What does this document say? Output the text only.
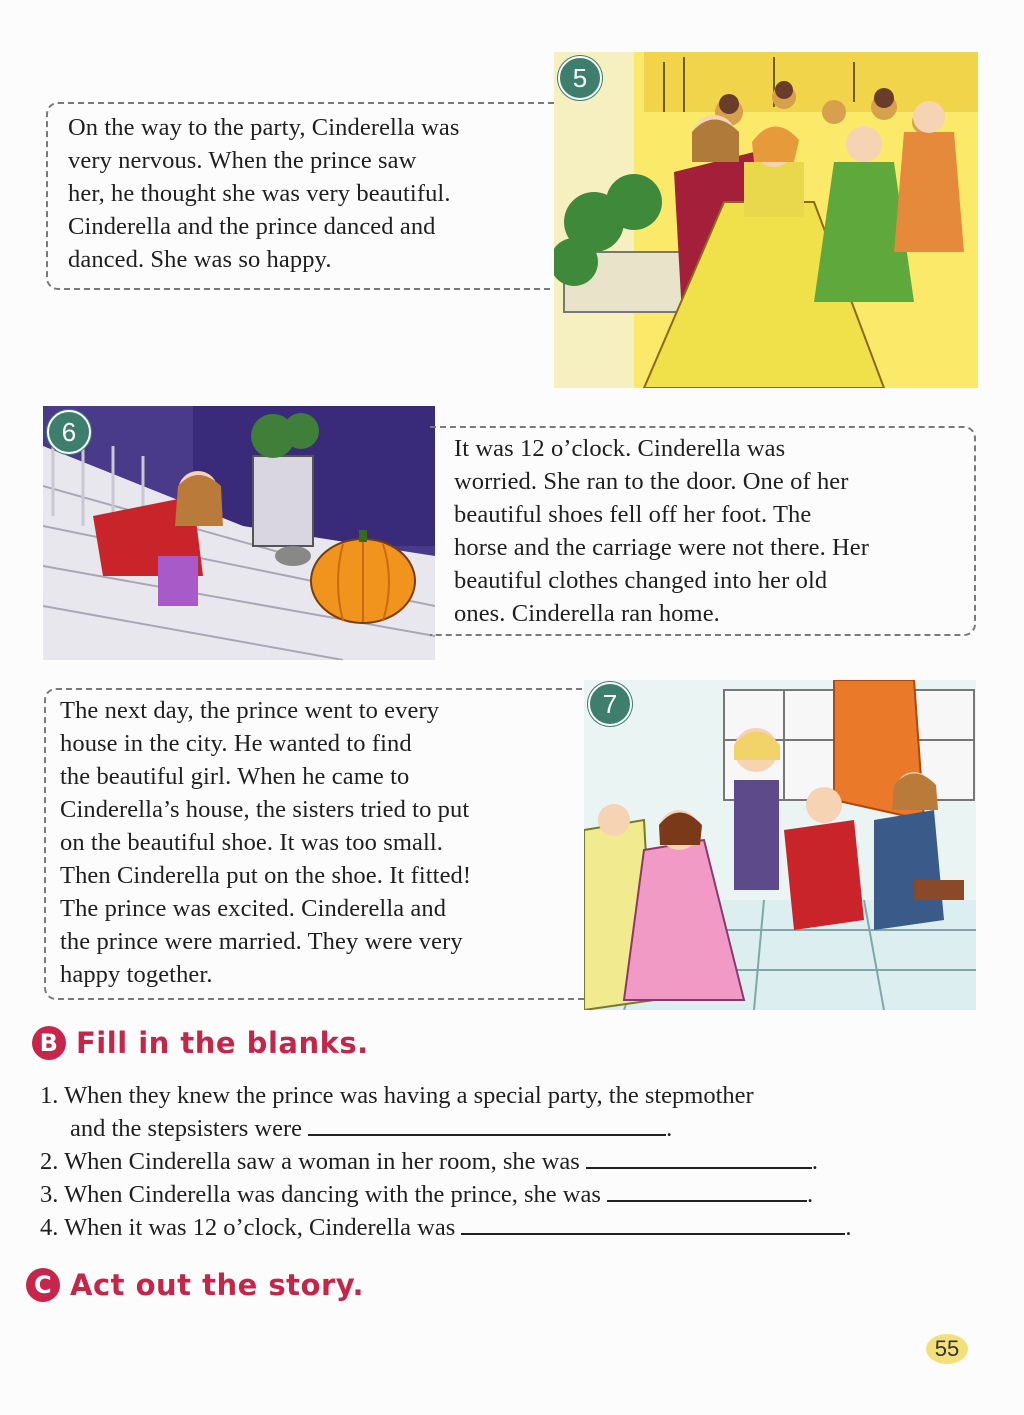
On the way to the party, Cinderella was
very nervous. When the prince saw
her, he thought she was very beautiful.
Cinderella and the prince danced and
danced. She was so happy.

5
6

It was 12 o’clock. Cinderella was
worried. She ran to the door. One of her
beautiful shoes fell off her foot. The
horse and the carriage were not there. Her
beautiful clothes changed into her old
ones. Cinderella ran home.

The next day, the prince went to every
house in the city. He wanted to find
the beautiful girl. When he came to
Cinderella’s house, the sisters tried to put
on the beautiful shoe. It was too small.
Then Cinderella put on the shoe. It fitted!
The prince was excited. Cinderella and
the prince were married. They were very
happy together.

7
B Fill in the blanks.
1. When they knew the prince was having a special party, the stepmother
and the stepsisters were	.
2. When Cinderella saw a woman in her room, she was	.
3. When Cinderella was dancing with the prince, she was	.
4. When it was 12 o’clock, Cinderella was	.
C Act out the story.
55
